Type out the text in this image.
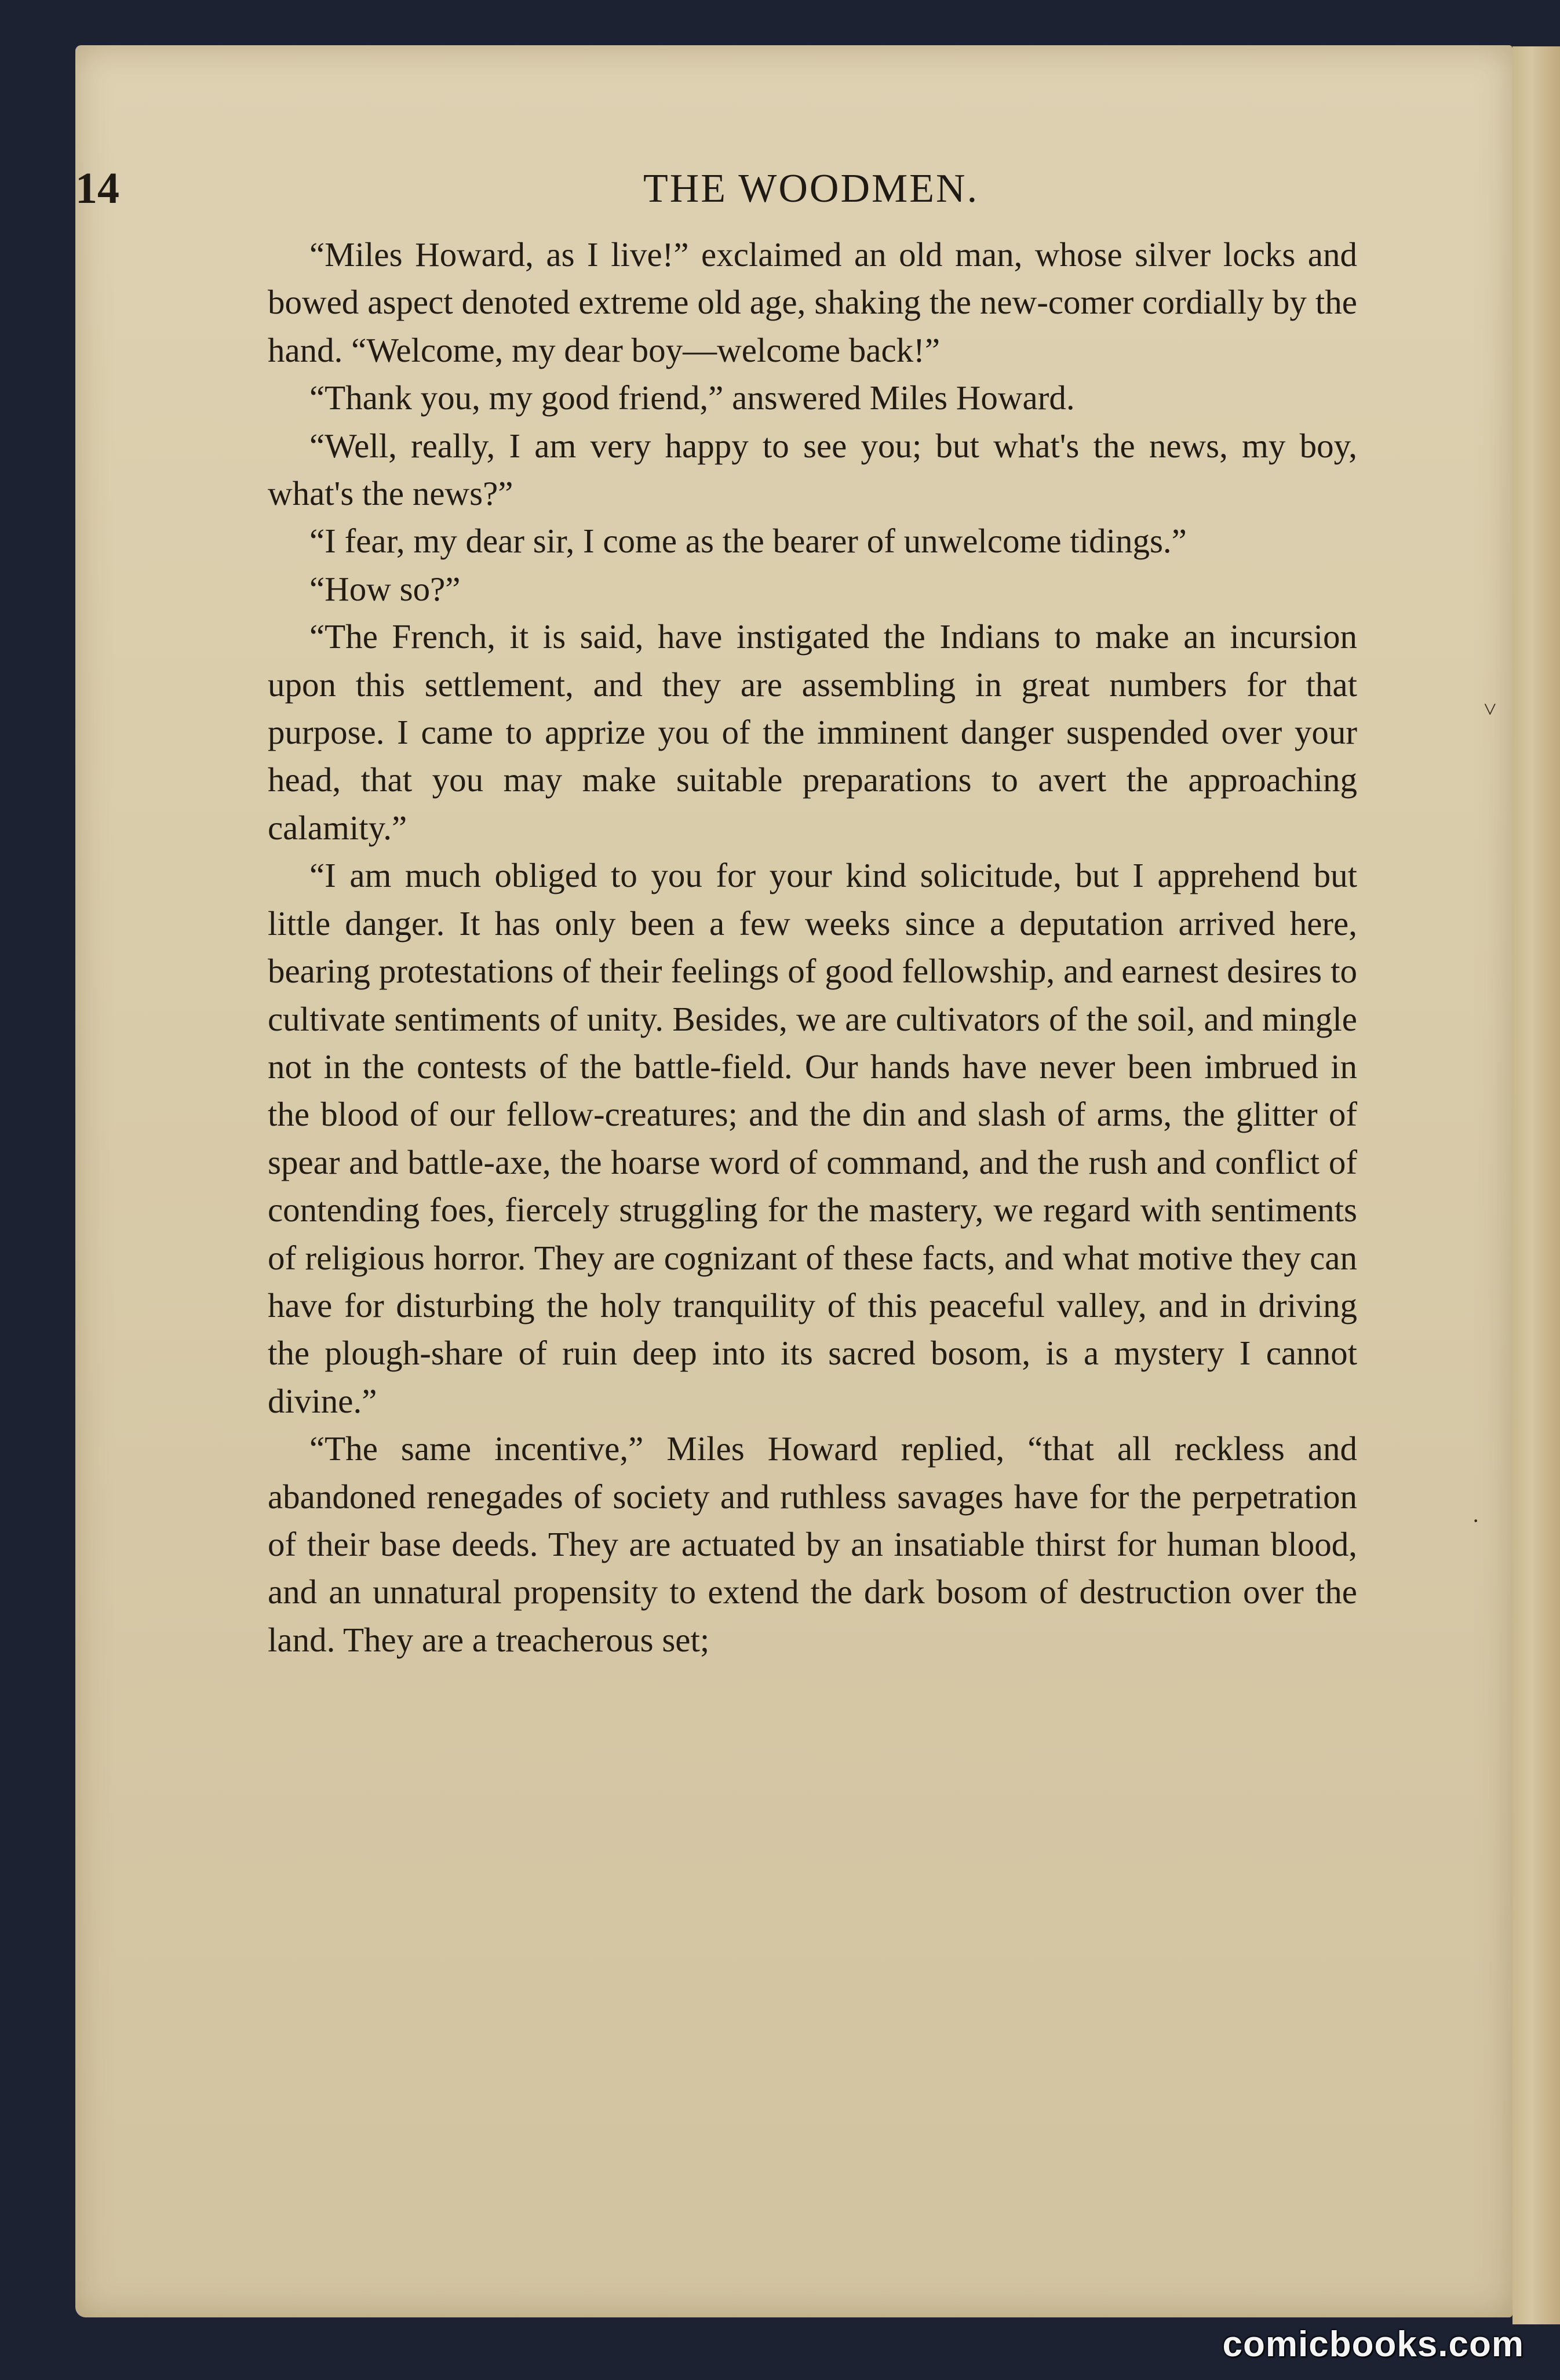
14	THE WOODMEN.

“Miles Howard, as I live!” exclaimed an old man, whose silver locks and bowed aspect denoted extreme old age, shaking the new-comer cordially by the hand. “Welcome, my dear boy—welcome back!”

“Thank you, my good friend,” answered Miles Howard.

“Well, really, I am very happy to see you; but what's the news, my boy, what's the news?”

“I fear, my dear sir, I come as the bearer of unwelcome tidings.”

“How so?”

“The French, it is said, have instigated the Indians to make an incursion upon this settlement, and they are assembling in great numbers for that purpose. I came to apprize you of the imminent danger suspended over your head, that you may make suitable preparations to avert the approaching calamity.”

“I am much obliged to you for your kind solicitude, but I apprehend but little danger. It has only been a few weeks since a deputation arrived here, bearing protestations of their feelings of good fellowship, and earnest desires to cultivate sentiments of unity. Besides, we are cultivators of the soil, and mingle not in the contests of the battle-field. Our hands have never been imbrued in the blood of our fellow-creatures; and the din and slash of arms, the glitter of spear and battle-axe, the hoarse word of command, and the rush and conflict of contending foes, fiercely struggling for the mastery, we regard with sentiments of religious horror. They are cognizant of these facts, and what motive they can have for disturbing the holy tranquility of this peaceful valley, and in driving the plough-share of ruin deep into its sacred bosom, is a mystery I cannot divine.”

“The same incentive,” Miles Howard replied, “that all reckless and abandoned renegades of society and ruthless savages have for the perpetration of their base deeds. They are actuated by an insatiable thirst for human blood, and an unnatural propensity to extend the dark bosom of destruction over the land. They are a treacherous set;

˅
·
comicbooks.com
